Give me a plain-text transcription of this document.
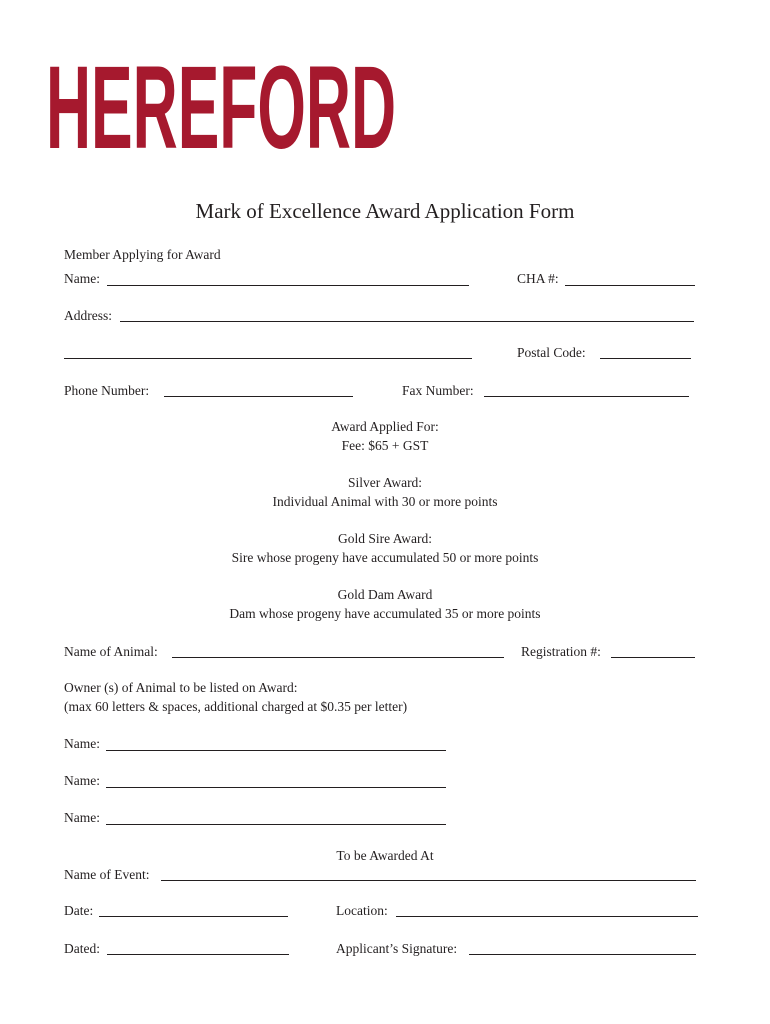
HEREFORD
Mark of Excellence Award Application Form
Member Applying for Award
Name:	CHA #:
Address:
Postal Code:
Phone Number:	Fax Number:
Award Applied For:
Fee: $65 + GST
Silver Award:
Individual Animal with 30 or more points
Gold Sire Award:
Sire whose progeny have accumulated 50 or more points
Gold Dam Award
Dam whose progeny have accumulated 35 or more points
Name of Animal:	Registration #:
Owner (s) of Animal to be listed on Award:
(max 60 letters & spaces, additional charged at $0.35 per letter)
Name:
Name:
Name:
To be Awarded At
Name of Event:
Date:	Location:
Dated:	Applicant’s Signature:
